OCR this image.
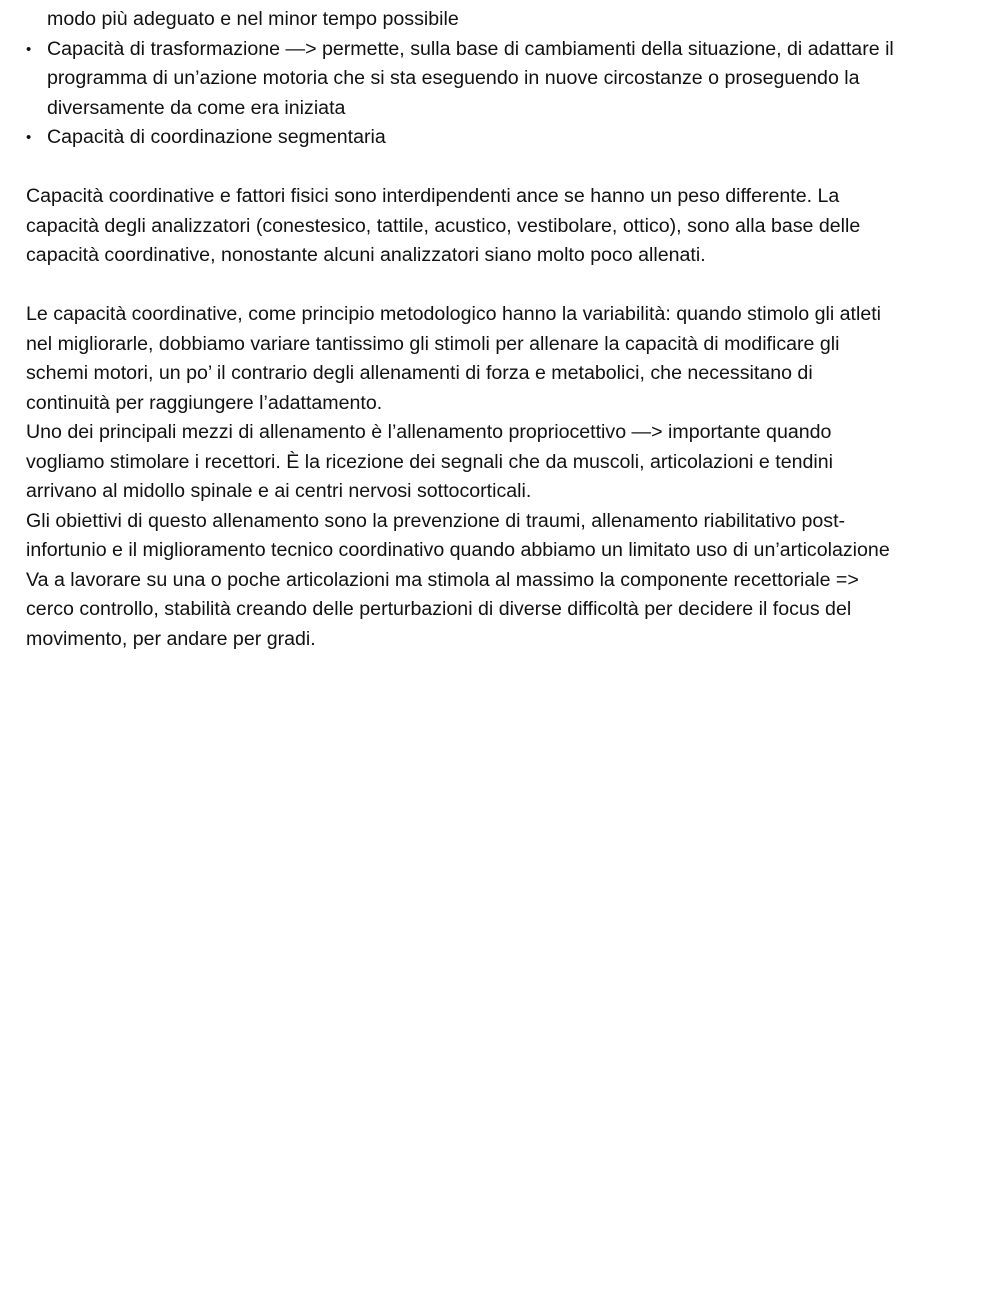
modo più adeguato e nel minor tempo possibile
• Capacità di trasformazione —> permette, sulla base di cambiamenti della situazione, di adattare il
programma di un’azione motoria che si sta eseguendo in nuove circostanze o proseguendo la
diversamente da come era iniziata
• Capacità di coordinazione segmentaria
Capacità coordinative e fattori fisici sono interdipendenti ance se hanno un peso differente. La
capacità degli analizzatori (conestesico, tattile, acustico, vestibolare, ottico), sono alla base delle
capacità coordinative, nonostante alcuni analizzatori siano molto poco allenati.
Le capacità coordinative, come principio metodologico hanno la variabilità: quando stimolo gli atleti
nel migliorarle, dobbiamo variare tantissimo gli stimoli per allenare la capacità di modificare gli
schemi motori, un po’ il contrario degli allenamenti di forza e metabolici, che necessitano di
continuità per raggiungere l’adattamento.
Uno dei principali mezzi di allenamento è l’allenamento propriocettivo —> importante quando
vogliamo stimolare i recettori. È la ricezione dei segnali che da muscoli, articolazioni e tendini
arrivano al midollo spinale e ai centri nervosi sottocorticali.
Gli obiettivi di questo allenamento sono la prevenzione di traumi, allenamento riabilitativo post-
infortunio e il miglioramento tecnico coordinativo quando abbiamo un limitato uso di un’articolazione
Va a lavorare su una o poche articolazioni ma stimola al massimo la componente recettoriale =>
cerco controllo, stabilità creando delle perturbazioni di diverse difficoltà per decidere il focus del
movimento, per andare per gradi.
